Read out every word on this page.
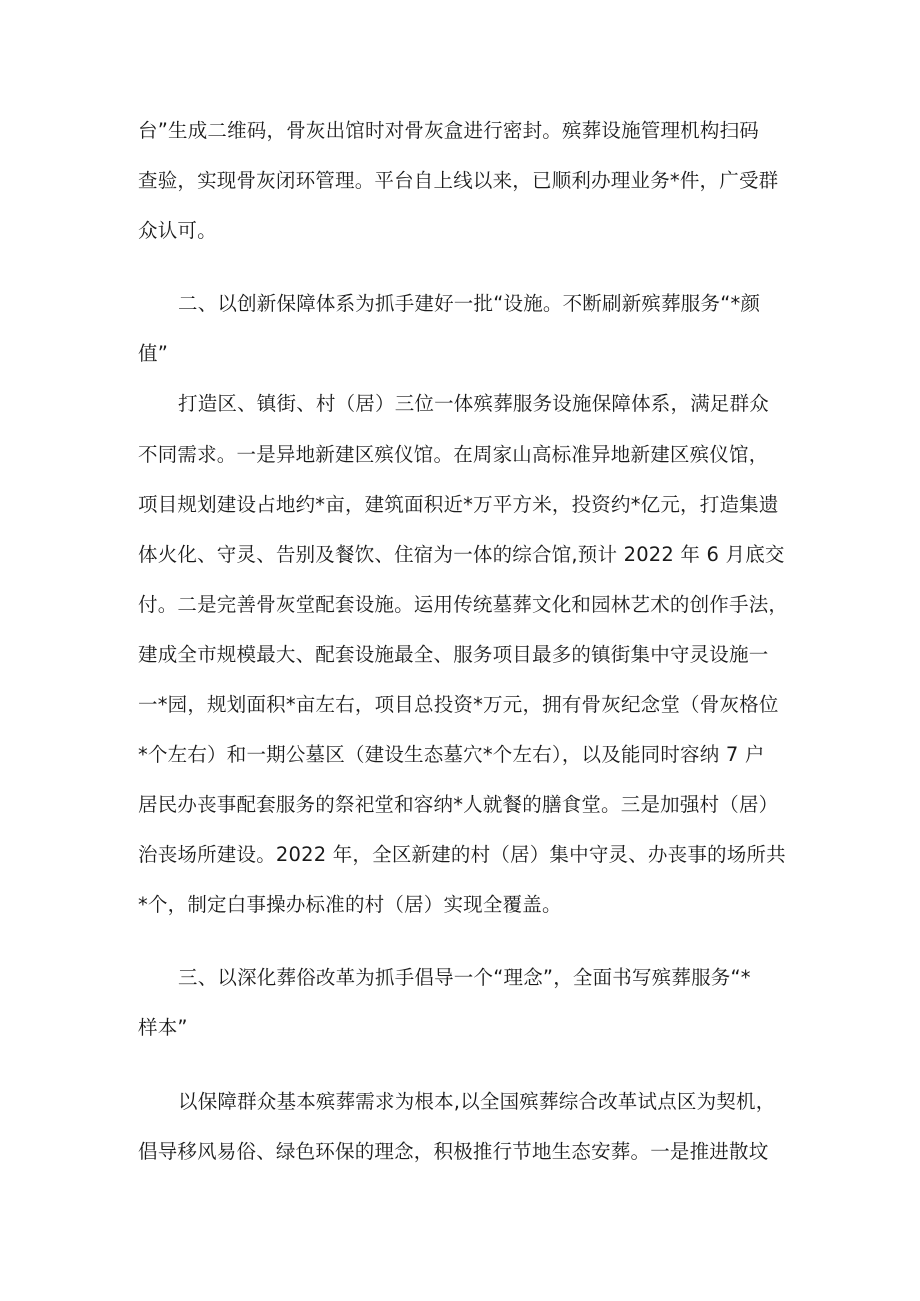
台”生成二维码，骨灰出馆时对骨灰盒进行密封。殡葬设施管理机构扫码
查验，实现骨灰闭环管理。平台自上线以来，已顺利办理业务*件，广受群
众认可。
二、以创新保障体系为抓手建好一批“设施。不断刷新殡葬服务“*颜
值”
打造区、镇街、村（居）三位一体殡葬服务设施保障体系，满足群众
不同需求。一是异地新建区殡仪馆。在周家山高标准异地新建区殡仪馆，
项目规划建设占地约*亩，建筑面积近*万平方米，投资约*亿元，打造集遗
体火化、守灵、告别及餐饮、住宿为一体的综合馆,预计 2022 年 6 月底交
付。二是完善骨灰堂配套设施。运用传统墓葬文化和园林艺术的创作手法，
建成全市规模最大、配套设施最全、服务项目最多的镇街集中守灵设施一
一*园，规划面积*亩左右，项目总投资*万元，拥有骨灰纪念堂（骨灰格位
*个左右）和一期公墓区（建设生态墓穴*个左右），以及能同时容纳 7 户
居民办丧事配套服务的祭祀堂和容纳*人就餐的膳食堂。三是加强村（居）
治丧场所建设。2022 年，全区新建的村（居）集中守灵、办丧事的场所共
*个，制定白事操办标准的村（居）实现全覆盖。
三、以深化葬俗改革为抓手倡导一个“理念”，全面书写殡葬服务“*
样本”
以保障群众基本殡葬需求为根本,以全国殡葬综合改革试点区为契机，
倡导移风易俗、绿色环保的理念，积极推行节地生态安葬。一是推进散坟
